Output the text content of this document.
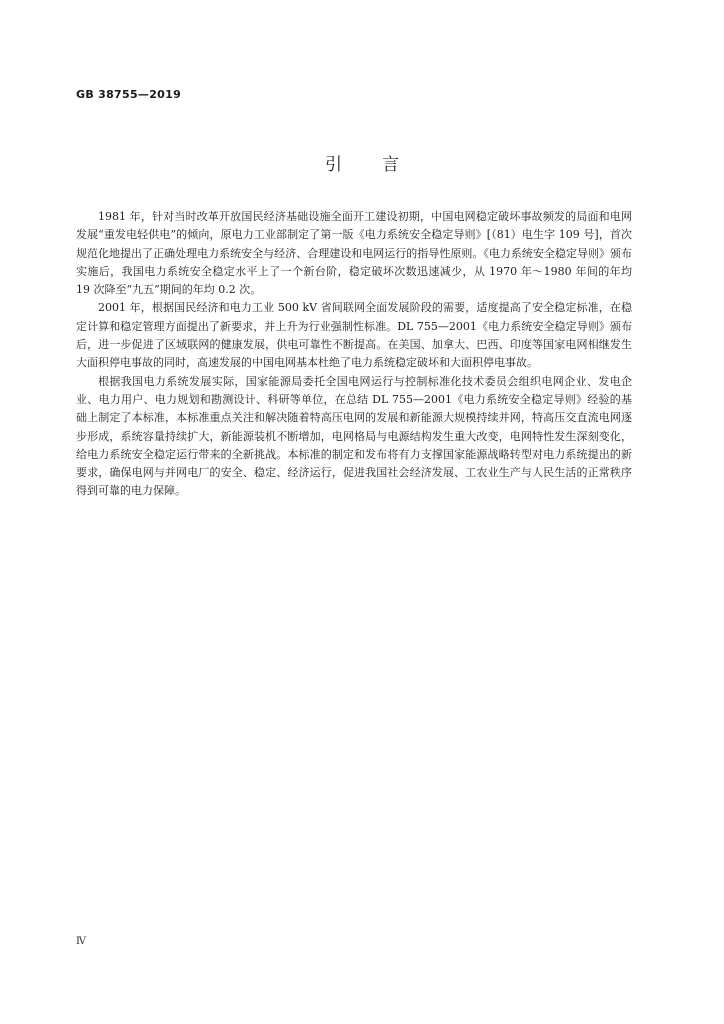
GB 38755—2019
引言

1981 年，针对当时改革开放国民经济基础设施全面开工建设初期，中国电网稳定破坏事故频发的局面和电网发展“重发电轻供电”的倾向，原电力工业部制定了第一版《电力系统安全稳定导则》[（81）电生字 109 号]，首次规范化地提出了正确处理电力系统安全与经济、合理建设和电网运行的指导性原则。《电力系统安全稳定导则》颁布实施后，我国电力系统安全稳定水平上了一个新台阶，稳定破坏次数迅速减少，从 1970 年～1980 年间的年均 19 次降至“九五”期间的年均 0.2 次。

2001 年，根据国民经济和电力工业 500 kV 省间联网全面发展阶段的需要，适度提高了安全稳定标准，在稳定计算和稳定管理方面提出了新要求，并上升为行业强制性标准。DL 755—2001《电力系统安全稳定导则》颁布后，进一步促进了区域联网的健康发展，供电可靠性不断提高。在美国、加拿大、巴西、印度等国家电网相继发生大面积停电事故的同时，高速发展的中国电网基本杜绝了电力系统稳定破坏和大面积停电事故。

根据我国电力系统发展实际，国家能源局委托全国电网运行与控制标准化技术委员会组织电网企业、发电企业、电力用户、电力规划和勘测设计、科研等单位，在总结 DL 755—2001《电力系统安全稳定导则》经验的基础上制定了本标准，本标准重点关注和解决随着特高压电网的发展和新能源大规模持续并网，特高压交直流电网逐步形成，系统容量持续扩大，新能源装机不断增加，电网格局与电源结构发生重大改变，电网特性发生深刻变化，给电力系统安全稳定运行带来的全新挑战。本标准的制定和发布将有力支撑国家能源战略转型对电力系统提出的新要求，确保电网与并网电厂的安全、稳定、经济运行，促进我国社会经济发展、工农业生产与人民生活的正常秩序得到可靠的电力保障。

Ⅳ
